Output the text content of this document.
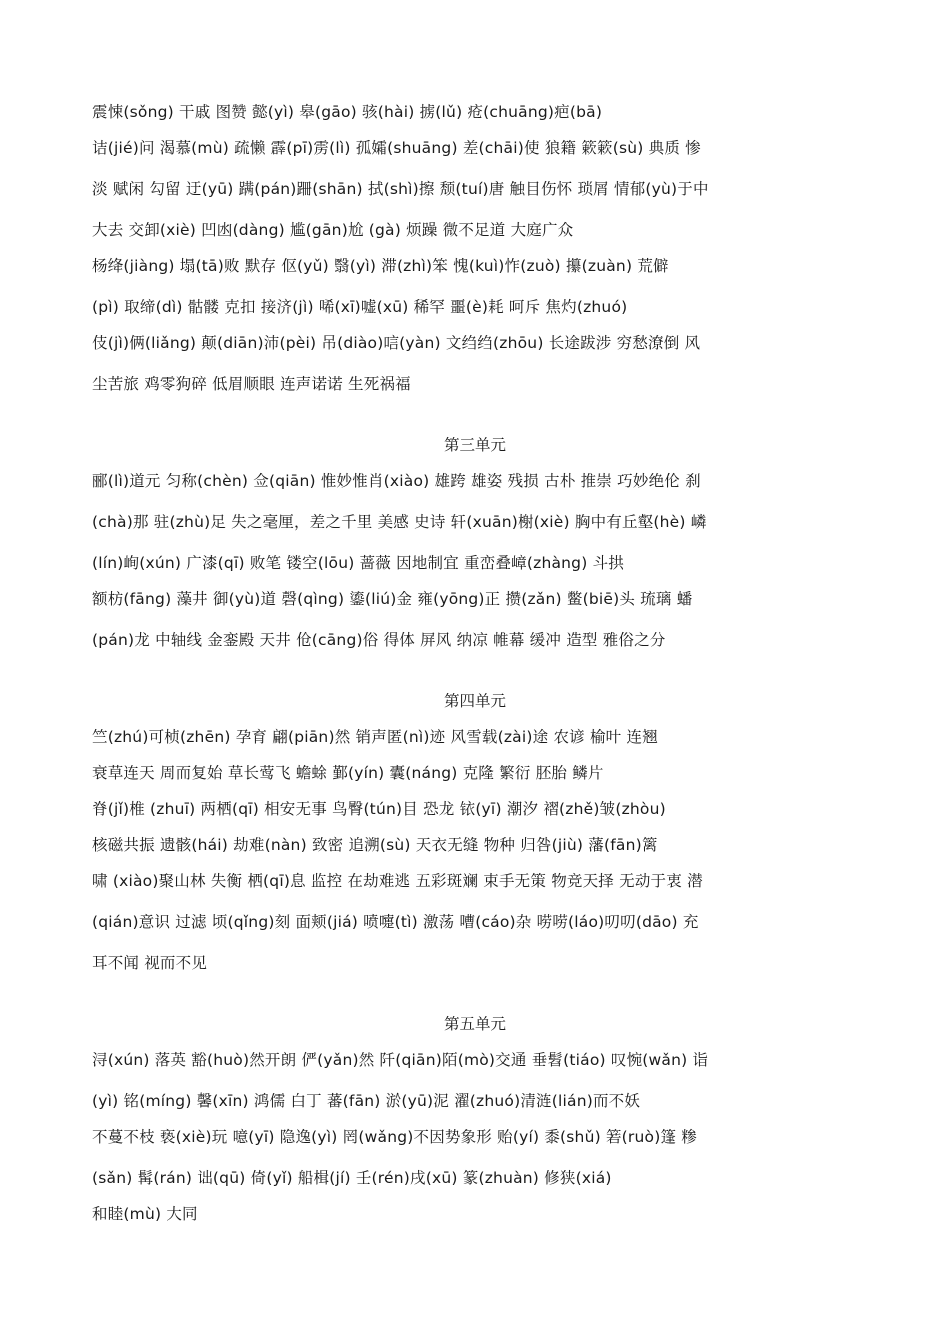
震悚(sǒng) 干戚 图赞 懿(yì) 皋(gāo) 骇(hài) 掳(lǔ) 疮(chuāng)疤(bā)
诘(jié)问 渴慕(mù) 疏懒 霹(pī)雳(lì) 孤孀(shuāng) 差(chāi)使 狼籍 簌簌(sù) 典质 惨
淡 赋闲 勾留 迂(yū) 蹒(pán)跚(shān) 拭(shì)擦 颓(tuí)唐 触目伤怀 琐屑 情郁(yù)于中
大去 交卸(xiè) 凹凼(dàng) 尴(gān)尬 (gà) 烦躁 微不足道 大庭广众
杨绛(jiàng) 塌(tā)败 默存 伛(yǔ) 翳(yì) 滞(zhì)笨 愧(kuì)怍(zuò) 攥(zuàn) 荒僻
(pì) 取缔(dì) 骷髅 克扣 接济(jì) 唏(xī)嘘(xū) 稀罕 噩(è)耗 呵斥 焦灼(zhuó)
伎(jì)俩(liǎng) 颠(diān)沛(pèi) 吊(diào)唁(yàn) 文绉绉(zhōu) 长途跋涉 穷愁潦倒 风
尘苦旅 鸡零狗碎 低眉顺眼 连声诺诺 生死祸福
第三单元
郦(lì)道元 匀称(chèn) 佥(qiān) 惟妙惟肖(xiào) 雄跨 雄姿 残损 古朴 推崇 巧妙绝伦 刹
(chà)那 驻(zhù)足 失之毫厘，差之千里 美感 史诗 轩(xuān)榭(xiè) 胸中有丘壑(hè) 嶙
(lín)峋(xún) 广漆(qī) 败笔 镂空(lōu) 蔷薇 因地制宜 重峦叠嶂(zhàng) 斗拱
额枋(fāng) 藻井 御(yù)道 磬(qìng) 鎏(liú)金 雍(yōng)正 攒(zǎn) 鳖(biē)头 琉璃 蟠
(pán)龙 中轴线 金銮殿 天井 伧(cāng)俗 得体 屏风 纳凉 帷幕 缓冲 造型 雅俗之分
第四单元
竺(zhú)可桢(zhēn) 孕育 翩(piān)然 销声匿(nì)迹 风雪载(zài)途 农谚 榆叶 连翘
衰草连天 周而复始 草长莺飞 蟾蜍 鄞(yín) 囊(náng) 克隆 繁衍 胚胎 鳞片
脊(jǐ)椎 (zhuī) 两栖(qī) 相安无事 鸟臀(tún)目 恐龙 铱(yī) 潮汐 褶(zhě)皱(zhòu)
核磁共振 遗骸(hái) 劫难(nàn) 致密 追溯(sù) 天衣无缝 物种 归咎(jiù) 藩(fān)篱
啸 (xiào)聚山林 失衡 栖(qī)息 监控 在劫难逃 五彩斑斓 束手无策 物竞天择 无动于衷 潜
(qián)意识 过滤 顷(qǐng)刻 面颊(jiá) 喷嚏(tì) 激荡 嘈(cáo)杂 唠唠(láo)叨叨(dāo) 充
耳不闻 视而不见
第五单元
浔(xún) 落英 豁(huò)然开朗 俨(yǎn)然 阡(qiān)陌(mò)交通 垂髫(tiáo) 叹惋(wǎn) 诣
(yì) 铭(míng) 馨(xīn) 鸿儒 白丁 蕃(fān) 淤(yū)泥 濯(zhuó)清涟(lián)而不妖
不蔓不枝 亵(xiè)玩 噫(yī) 隐逸(yì) 罔(wǎng)不因势象形 贻(yí) 黍(shǔ) 箬(ruò)篷 糁
(sǎn) 髯(rán) 诎(qū) 倚(yǐ) 船楫(jí) 壬(rén)戌(xū) 篆(zhuàn) 修狭(xiá)
和睦(mù) 大同
